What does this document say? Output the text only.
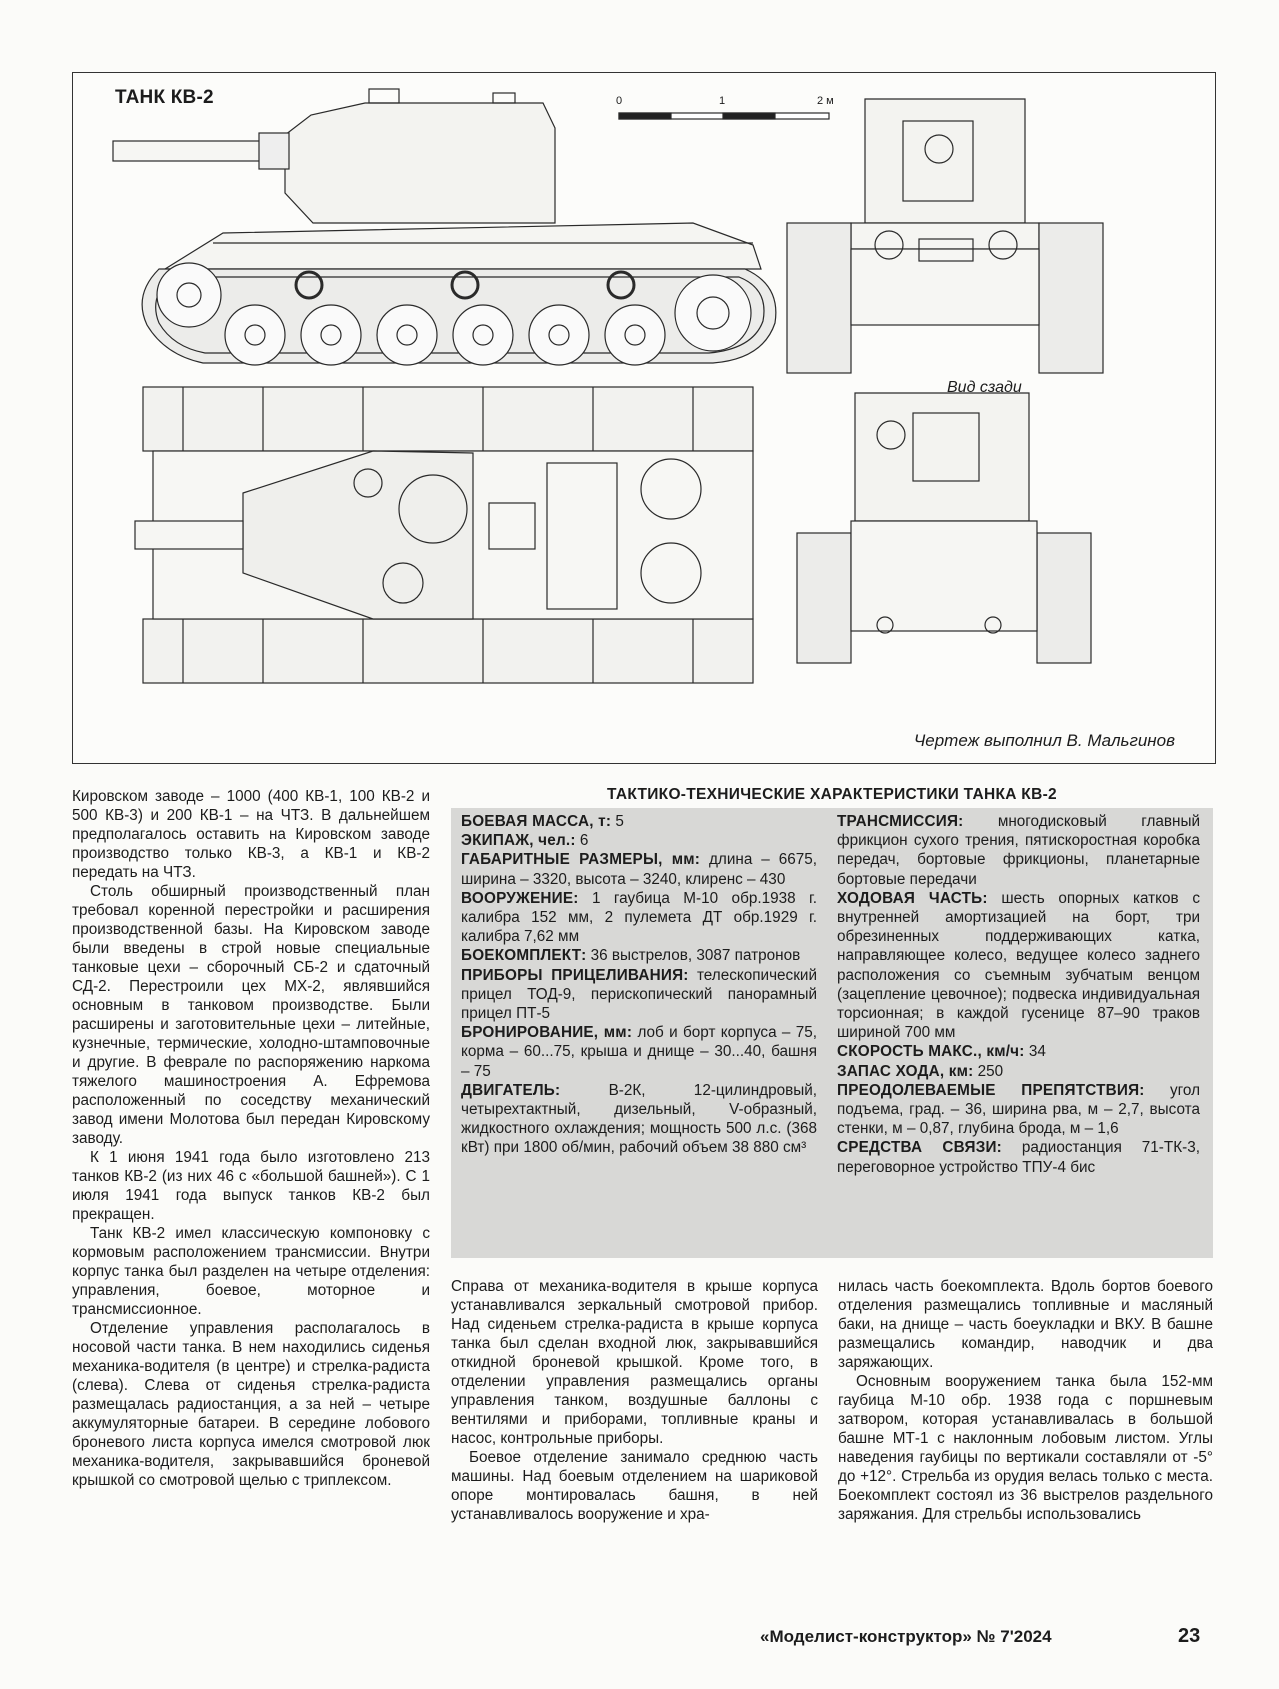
ТАНК КВ-2	0	1	2 м
Вид сзади
Чертеж выполнил В. Мальгинов

Кировском заводе – 1000 (400 КВ-1, 100 КВ-2 и 500 КВ-3) и 200 КВ-1 – на ЧТЗ. В дальнейшем предполагалось оставить на Кировском заводе производство только КВ-3, а КВ-1 и КВ-2 передать на ЧТЗ.

Столь обширный производственный план требовал коренной перестройки и расширения производственной базы. На Кировском заводе были введены в строй новые специальные танковые цехи – сборочный СБ-2 и сдаточный СД-2. Перестроили цех МХ-2, являвшийся основным в танковом производстве. Были расширены и заготовительные цехи – литейные, кузнечные, термические, холодно-штамповочные и другие. В феврале по распоряжению наркома тяжелого машиностроения А. Ефремова расположенный по соседству механический завод имени Молотова был передан Кировскому заводу.

К 1 июня 1941 года было изготовлено 213 танков КВ-2 (из них 46 с «большой башней»). С 1 июля 1941 года выпуск танков КВ-2 был прекращен.

Танк КВ-2 имел классическую компоновку с кормовым расположением трансмиссии. Внутри корпус танка был разделен на четыре отделения: управления, боевое, моторное и трансмиссионное.

Отделение управления располагалось в носовой части танка. В нем находились сиденья механика-водителя (в центре) и стрелка-радиста (слева). Слева от сиденья стрелка-радиста размещалась радиостанция, а за ней – четыре аккумуляторные батареи. В середине лобового броневого листа корпуса имелся смотровой люк механика-водителя, закрывавшийся броневой крышкой со смотровой щелью с триплексом.

ТАКТИКО-ТЕХНИЧЕСКИЕ ХАРАКТЕРИСТИКИ ТАНКА КВ-2

БОЕВАЯ МАССА, т: 5

ЭКИПАЖ, чел.: 6

ГАБАРИТНЫЕ РАЗМЕРЫ, мм: длина – 6675, ширина – 3320, высота – 3240, клиренс – 430

ВООРУЖЕНИЕ: 1 гаубица М-10 обр.1938 г. калибра 152 мм, 2 пулемета ДТ обр.1929 г. калибра 7,62 мм

БОЕКОМПЛЕКТ: 36 выстрелов, 3087 патронов

ПРИБОРЫ ПРИЦЕЛИВАНИЯ: телескопический прицел ТОД-9, перископический панорамный прицел ПТ-5

БРОНИРОВАНИЕ, мм: лоб и борт корпуса – 75, корма – 60...75, крыша и днище – 30...40, башня – 75

ДВИГАТЕЛЬ:	В-2К, 12-цилиндровый, четырехтактный, дизельный, V-образный, жидкостного охлаждения; мощность 500 л.с. (368 кВт) при 1800 об/мин, рабочий объем 38 880 см³

ТРАНСМИССИЯ: многодисковый главный фрикцион сухого трения, пятискоростная коробка передач, бортовые фрикционы, планетарные бортовые передачи

ХОДОВАЯ ЧАСТЬ: шесть опорных катков с внутренней амортизацией на борт, три обрезиненных поддерживающих катка, направляющее колесо, ведущее колесо заднего расположения со съемным зубчатым венцом (зацепление цевочное); подвеска индивидуальная торсионная; в каждой гусенице 87–90 траков шириной 700 мм

СКОРОСТЬ МАКС., км/ч: 34

ЗАПАС ХОДА, км: 250

ПРЕОДОЛЕВАЕМЫЕ ПРЕПЯТСТВИЯ: угол подъема, град. – 36, ширина рва, м – 2,7, высота стенки, м – 0,87, глубина брода, м – 1,6

СРЕДСТВА СВЯЗИ: радиостанция 71-ТК-3, переговорное устройство ТПУ-4 бис

Справа от механика-водителя в крыше корпуса устанавливался зеркальный смотровой прибор. Над сиденьем стрелка-радиста в крыше корпуса танка был сделан входной люк, закрывавшийся откидной броневой крышкой. Кроме того, в отделении управления размещались органы управления танком, воздушные баллоны с вентилями и приборами, топливные краны и насос, контрольные приборы.

Боевое отделение занимало среднюю часть машины. Над боевым отделением на шариковой опоре монтировалась башня, в ней устанавливалось вооружение и хра-

нилась часть боекомплекта. Вдоль бортов боевого отделения размещались топливные и масляный баки, на днище – часть боеукладки и ВКУ. В башне размещались командир, наводчик и два заряжающих.

Основным вооружением танка была 152-мм гаубица М-10 обр. 1938 года с поршневым затвором, которая устанавливалась в большой башне МТ-1 с наклонным лобовым листом. Углы наведения гаубицы по вертикали составляли от -5° до +12°. Стрельба из орудия велась только с места. Боекомплект состоял из 36 выстрелов раздельного заряжания. Для стрельбы использовались

«Моделист-конструктор» № 7'2024	23
